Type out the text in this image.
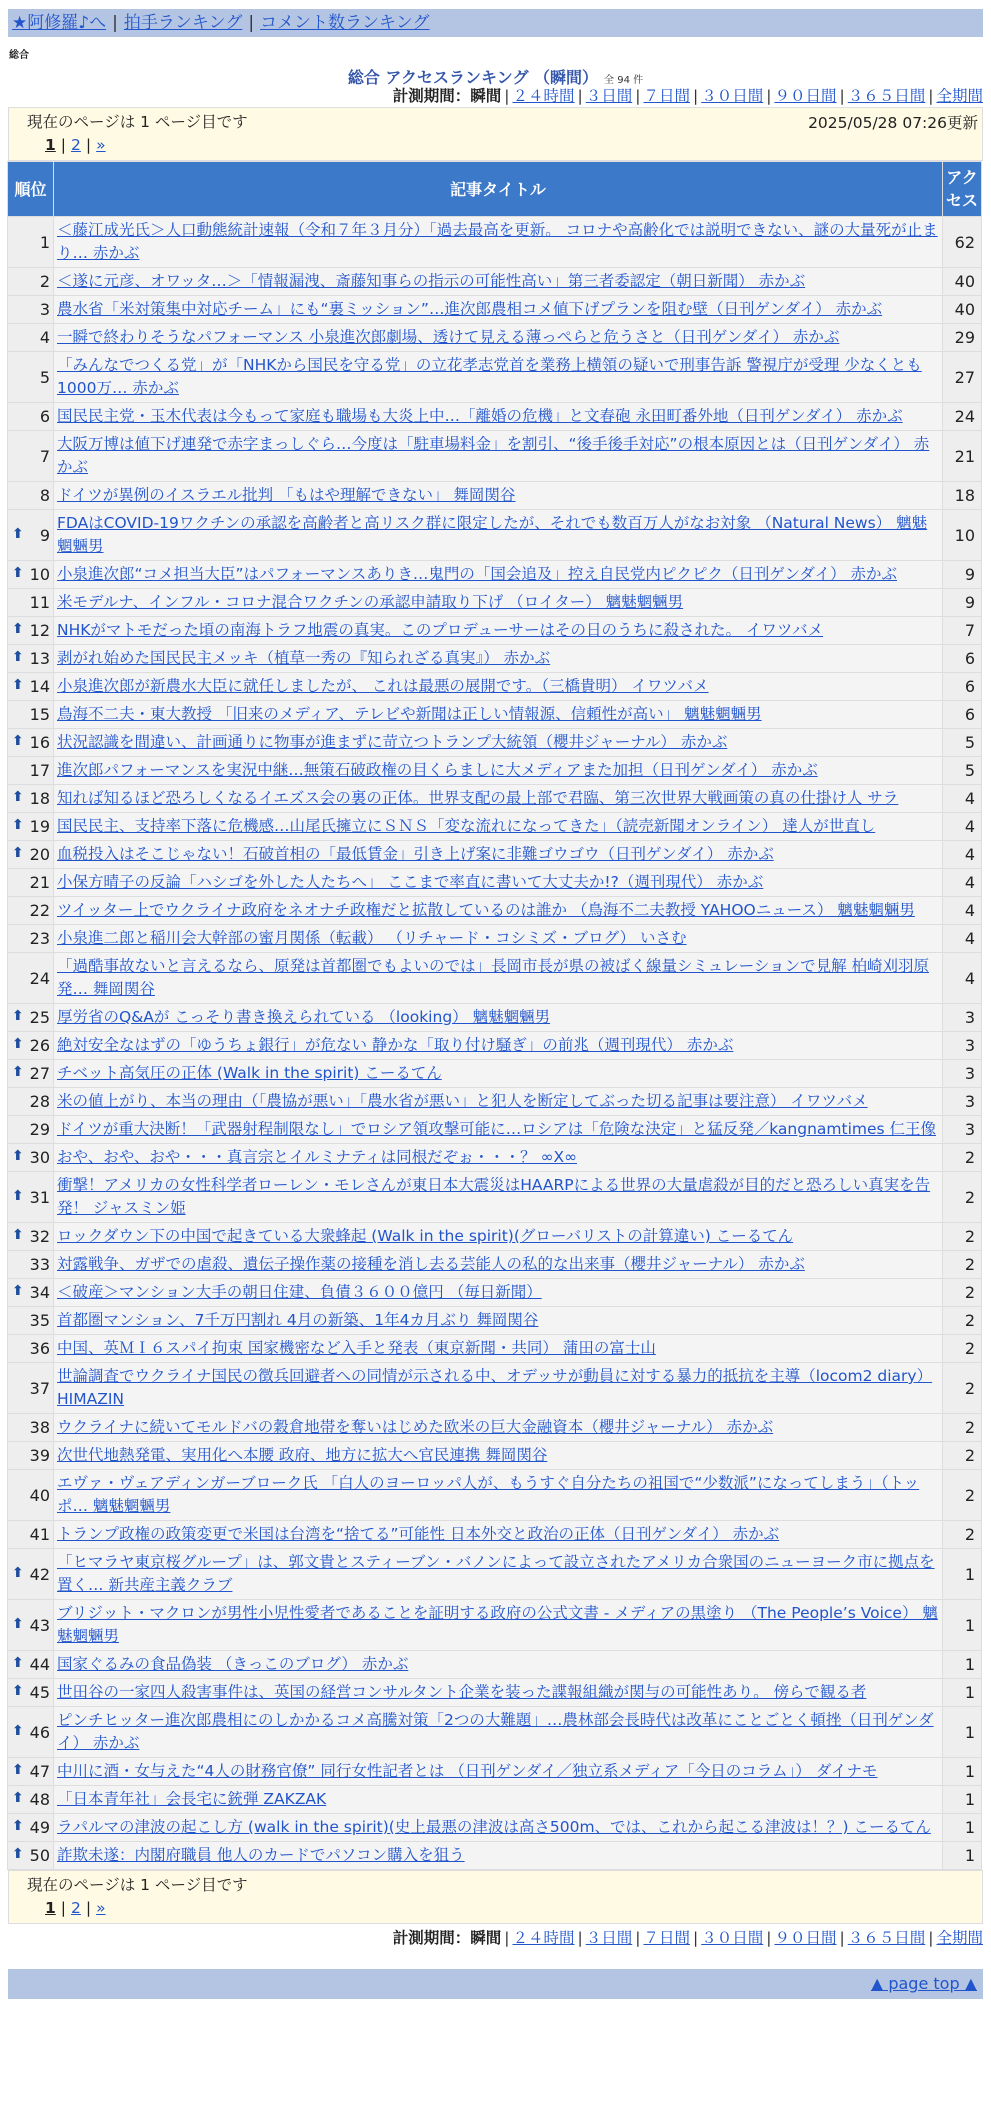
★阿修羅♪へ | 拍手ランキング | コメント数ランキング
総合
総合 アクセスランキング （瞬間） 全 94 件
計測期間：瞬間 | ２４時間 | ３日間 | ７日間 | ３０日間 | ９０日間 | ３６５日間 | 全期間
現在のページは 1 ページ目です	2025/05/28 07:26更新
1 | 2 | »
順位	記事タイトル	アクセス
1	＜藤江成光氏＞人口動態統計速報（令和７年３月分）「過去最高を更新。 コロナや高齢化では説明できない、謎の大量死が止まり… 赤かぶ	62
2	＜遂に元彦、オワッタ…＞「情報漏洩、斎藤知事らの指示の可能性高い」第三者委認定（朝日新聞） 赤かぶ	40
3	農水省「米対策集中対応チーム」にも“裏ミッション”…進次郎農相コメ値下げプランを阻む壁（日刊ゲンダイ） 赤かぶ	40
4	一瞬で終わりそうなパフォーマンス 小泉進次郎劇場、透けて見える薄っぺらと危うさと（日刊ゲンダイ） 赤かぶ	29
5	「みんなでつくる党」が「NHKから国民を守る党」の立花孝志党首を業務上横領の疑いで刑事告訴 警視庁が受理 少なくとも1000万… 赤かぶ	27
6	国民民主党・玉木代表は今もって家庭も職場も大炎上中…「離婚の危機」と文春砲 永田町番外地（日刊ゲンダイ） 赤かぶ	24
7	大阪万博は値下げ連発で赤字まっしぐら…今度は「駐車場料金」を割引、“後手後手対応”の根本原因とは（日刊ゲンダイ） 赤かぶ	21
8	ドイツが異例のイスラエル批判 「もはや理解できない」 舞岡関谷	18

⬆ 9	FDAはCOVID-19ワクチンの承認を高齢者と高リスク群に限定したが、それでも数百万人がなお対象 （Natural News） 魑魅魍魎男	10

⬆ 10	小泉進次郎“コメ担当大臣”はパフォーマンスありき…鬼門の「国会追及」控え自民党内ピクピク（日刊ゲンダイ） 赤かぶ	9
11	米モデルナ、インフル・コロナ混合ワクチンの承認申請取り下げ （ロイター） 魑魅魍魎男	9

⬆ 12	NHKがマトモだった頃の南海トラフ地震の真実。このプロデューサーはその日のうちに殺された。 イワツバメ	7

⬆ 13	剥がれ始めた国民民主メッキ（植草一秀の『知られざる真実』） 赤かぶ	6

⬆ 14	小泉進次郎が新農水大臣に就任しましたが、 これは最悪の展開です。（三橋貴明） イワツバメ	6
15	鳥海不二夫・東大教授 「旧来のメディア、テレビや新聞は正しい情報源、信頼性が高い」 魑魅魍魎男	6

⬆ 16	状況認識を間違い、計画通りに物事が進まずに苛立つトランプ大統領（櫻井ジャーナル） 赤かぶ	5
17	進次郎パフォーマンスを実況中継…無策石破政権の目くらましに大メディアまた加担（日刊ゲンダイ） 赤かぶ	5

⬆ 18	知れば知るほど恐ろしくなるイエズス会の裏の正体。世界支配の最上部で君臨、第三次世界大戦画策の真の仕掛け人 サラ	4

⬆ 19	国民民主、支持率下落に危機感…山尾氏擁立にＳＮＳ「変な流れになってきた」（読売新聞オンライン） 達人が世直し	4

⬆ 20	血税投入はそこじゃない！石破首相の「最低賃金」引き上げ案に非難ゴウゴウ（日刊ゲンダイ） 赤かぶ	4
21	小保方晴子の反論「ハシゴを外した人たちへ」 ここまで率直に書いて大丈夫か!?（週刊現代） 赤かぶ	4
22	ツイッター上でウクライナ政府をネオナチ政権だと拡散しているのは誰か （鳥海不二夫教授 YAHOOニュース） 魑魅魍魎男	4
23	小泉進二郎と稲川会大幹部の蜜月関係（転載） （リチャード・コシミズ・ブログ） いさむ	4
24	「過酷事故ないと言えるなら、原発は首都圏でもよいのでは」長岡市長が県の被ばく線量シミュレーションで見解 柏崎刈羽原発… 舞岡関谷	4

⬆ 25	厚労省のQ&Aが こっそり書き換えられている （looking） 魑魅魍魎男	3

⬆ 26	絶対安全なはずの「ゆうちょ銀行」が危ない 静かな「取り付け騒ぎ」の前兆（週刊現代） 赤かぶ	3

⬆ 27	チベット高気圧の正体 (Walk in the spirit) こーるてん	3
28	米の値上がり、本当の理由（「農協が悪い」「農水省が悪い」と犯人を断定してぶった切る記事は要注意） イワツバメ	3
29	ドイツが重大決断！「武器射程制限なし」でロシア領攻撃可能に…ロシアは「危険な決定」と猛反発／kangnamtimes 仁王像	3

⬆ 30	おや、おや、おや・・・真言宗とイルミナティは同根だぞぉ・・・？ ∞X∞	2

⬆ 31	衝撃！アメリカの女性科学者ローレン・モレさんが東日本大震災はHAARPによる世界の大量虐殺が目的だと恐ろしい真実を告発！ ジャスミン姫	2

⬆ 32	ロックダウン下の中国で起きている大衆蜂起 (Walk in the spirit)(グローバリストの計算違い) こーるてん	2
33	対露戦争、ガザでの虐殺、遺伝子操作薬の接種を消し去る芸能人の私的な出来事（櫻井ジャーナル） 赤かぶ	2

⬆ 34	＜破産＞マンション大手の朝日住建、負債３６００億円 （毎日新聞）	2
35	首都圏マンション、7千万円割れ 4月の新築、1年4カ月ぶり 舞岡関谷	2
36	中国、英ＭＩ６スパイ拘束 国家機密など入手と発表（東京新聞・共同） 蒲田の富士山	2
37	世論調査でウクライナ国民の徴兵回避者への同情が示される中、オデッサが動員に対する暴力的抵抗を主導（locom2 diary） HIMAZIN	2
38	ウクライナに続いてモルドバの穀倉地帯を奪いはじめた欧米の巨大金融資本（櫻井ジャーナル） 赤かぶ	2
39	次世代地熱発電、実用化へ本腰 政府、地方に拡大へ官民連携 舞岡関谷	2
40	エヴァ・ヴェアディンガーブローク氏 「白人のヨーロッパ人が、もうすぐ自分たちの祖国で“少数派”になってしまう」（トッポ… 魑魅魍魎男	2
41	トランプ政権の政策変更で米国は台湾を“捨てる”可能性 日本外交と政治の正体（日刊ゲンダイ） 赤かぶ	2

⬆ 42	「ヒマラヤ東京桜グループ」は、郭文貴とスティーブン・バノンによって設立されたアメリカ合衆国のニューヨーク市に拠点を置く… 新共産主義クラブ	1

⬆ 43	ブリジット・マクロンが男性小児性愛者であることを証明する政府の公式文書 - メディアの黒塗り （The People’s Voice） 魑魅魍魎男	1

⬆ 44	国家ぐるみの食品偽装 （きっこのブログ） 赤かぶ	1

⬆ 45	世田谷の一家四人殺害事件は、英国の経営コンサルタント企業を装った諜報組織が関与の可能性あり。 傍らで観る者	1

⬆ 46	ピンチヒッター進次郎農相にのしかかるコメ高騰対策「2つの大難題」…農林部会長時代は改革にことごとく頓挫（日刊ゲンダイ） 赤かぶ	1

⬆ 47	中川に酒・女与えた“4人の財務官僚” 同行女性記者とは （日刊ゲンダイ／独立系メディア「今日のコラム」） ダイナモ	1

⬆ 48	「日本青年社」会長宅に銃弾 ZAKZAK	1

⬆ 49	ラパルマの津波の起こし方 (walk in the spirit)(史上最悪の津波は高さ500m、では、これから起こる津波は！？) こーるてん	1

⬆ 50	詐欺未遂：内閣府職員 他人のカードでパソコン購入を狙う	1
現在のページは 1 ページ目です
1 | 2 | »
計測期間：瞬間 | ２４時間 | ３日間 | ７日間 | ３０日間 | ９０日間 | ３６５日間 | 全期間
▲ page top ▲
